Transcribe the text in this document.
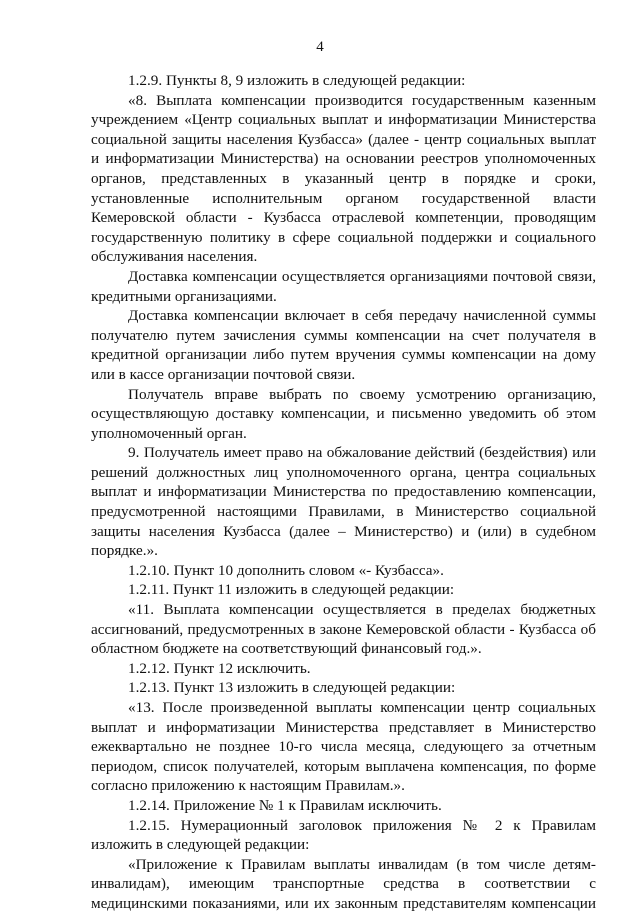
4

1.2.9. Пункты 8, 9 изложить в следующей редакции:

«8. Выплата компенсации производится государственным казенным учреждением «Центр социальных выплат и информатизации Министерства социальной защиты населения Кузбасса» (далее - центр социальных выплат и информатизации Министерства) на основании реестров уполномоченных органов, представленных в указанный центр в порядке и сроки, установленные исполнительным органом государственной власти Кемеровской области - Кузбасса отраслевой компетенции, проводящим государственную политику в сфере социальной поддержки и социального обслуживания населения.

Доставка компенсации осуществляется организациями почтовой связи, кредитными организациями.

Доставка компенсации включает в себя передачу начисленной суммы получателю путем зачисления суммы компенсации на счет получателя в кредитной организации либо путем вручения суммы компенсации на дому или в кассе организации почтовой связи.

Получатель вправе выбрать по своему усмотрению организацию, осуществляющую доставку компенсации, и письменно уведомить об этом уполномоченный орган.

9. Получатель имеет право на обжалование действий (бездействия) или решений должностных лиц уполномоченного органа, центра социальных выплат и информатизации Министерства по предоставлению компенсации, предусмотренной настоящими Правилами, в Министерство социальной защиты населения Кузбасса (далее – Министерство) и (или) в судебном порядке.».

1.2.10. Пункт 10 дополнить словом «- Кузбасса».

1.2.11. Пункт 11 изложить в следующей редакции:

«11. Выплата компенсации осуществляется в пределах бюджетных ассигнований, предусмотренных в законе Кемеровской области - Кузбасса об областном бюджете на соответствующий финансовый год.».

1.2.12. Пункт 12 исключить.

1.2.13. Пункт 13 изложить в следующей редакции:

«13. После произведенной выплаты компенсации центр социальных выплат и информатизации Министерства представляет в Министерство ежеквартально не позднее 10-го числа месяца, следующего за отчетным периодом, список получателей, которым выплачена компенсация, по форме согласно приложению к настоящим Правилам.».

1.2.14. Приложение № 1 к Правилам исключить.

1.2.15. Нумерационный заголовок приложения № 2 к Правилам изложить в следующей редакции:

«Приложение к Правилам выплаты инвалидам (в том числе детям-инвалидам), имеющим транспортные средства в соответствии с медицинскими показаниями, или их законным представителям компенсации
